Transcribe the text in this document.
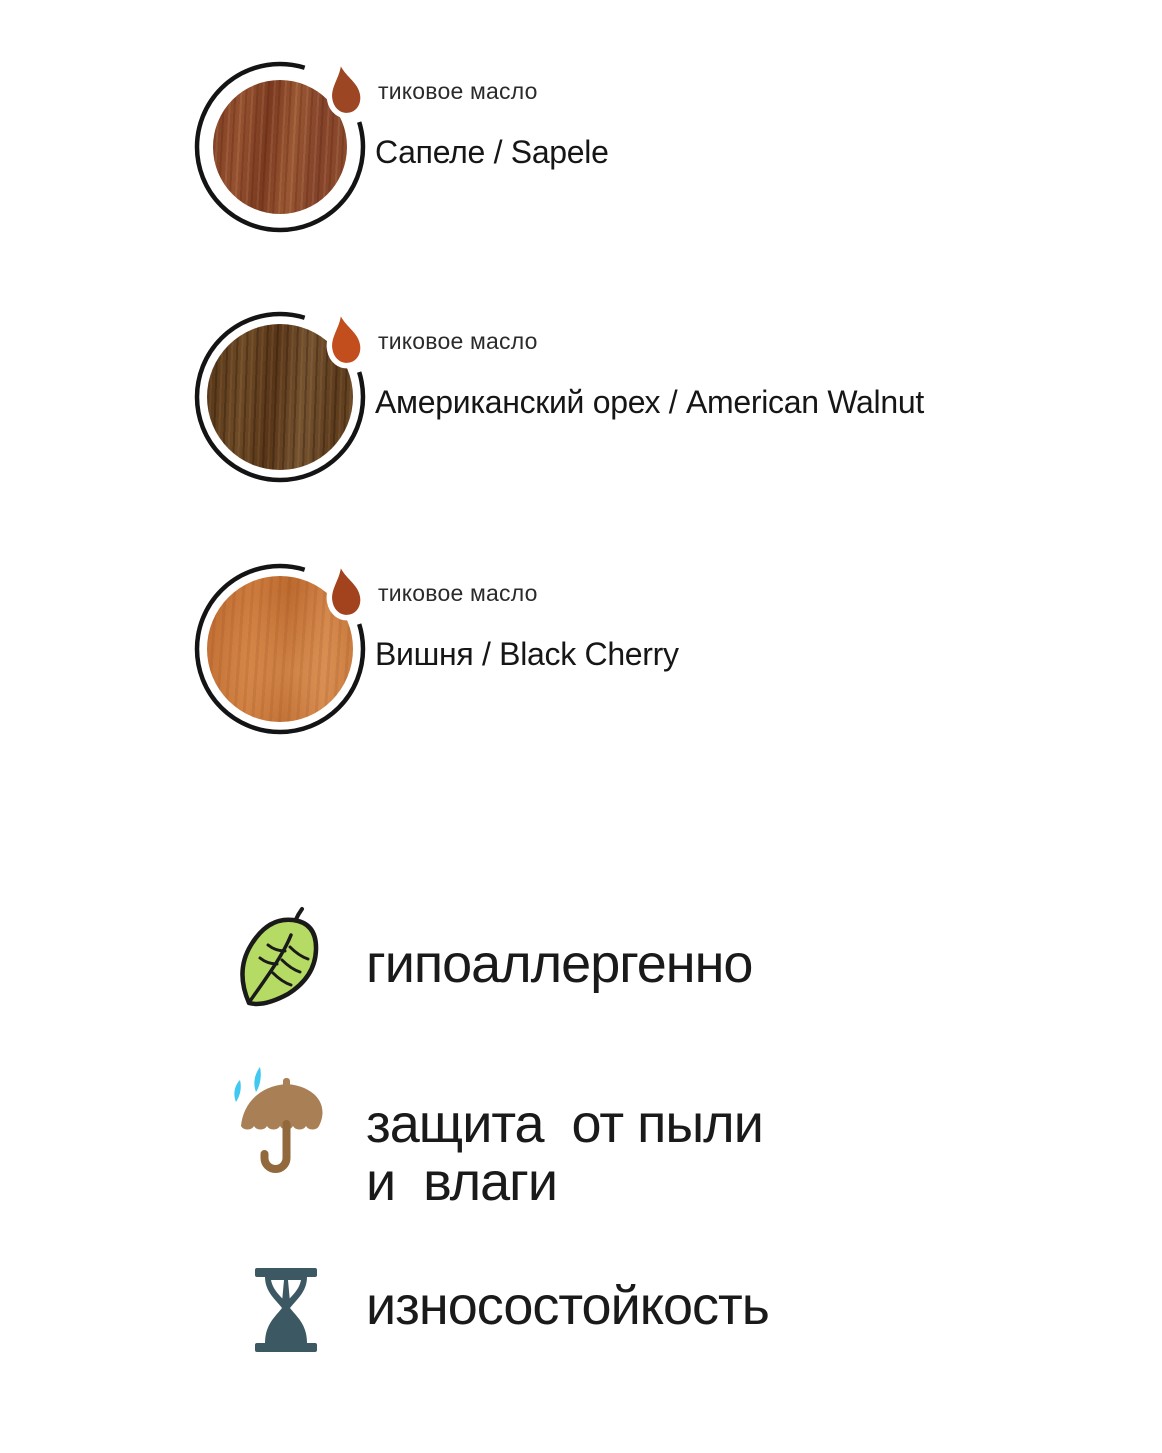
тиковое масло
Сапеле / Sapele
тиковое масло
Американский орех / American Walnut
тиковое масло
Вишня / Black Cherry
гипоаллергенно
защита  от пыли
и  влаги
износостойкость
